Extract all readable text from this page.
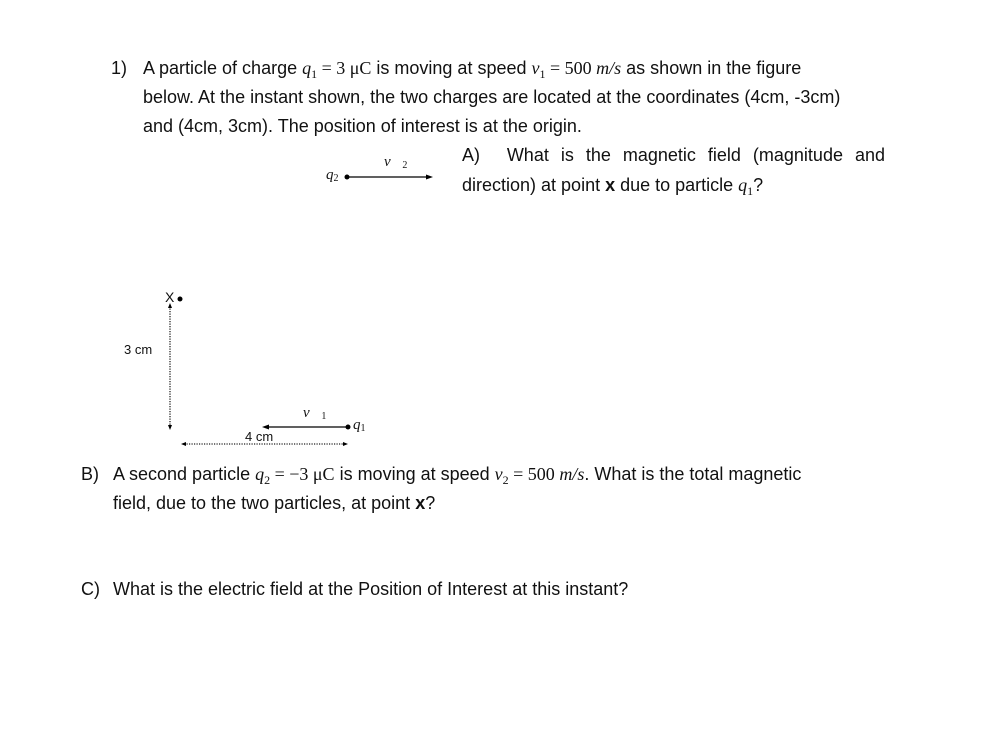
1) A particle of charge $q_1 = 3$ μC is moving at speed $v_1 = 500$ m/s as shown in the figure
below. At the instant shown, the two charges are located at the coordinates (4cm, -3cm)
and (4cm, 3cm). The position of interest is at the origin.
A) What  is  the  magnetic  field  (magnitude  and
direction) at point x due to particle $q_1$?
X
$q_2$
$v⃗_2$
$q_1$
$v⃗_1$
3 cm
4 cm
B) A second particle $q_2 = -3$ μC is moving at speed $v_2 = 500$ m/s. What is the total magnetic
field, due to the two particles, at point x?
C) What is the electric field at the Position of Interest at this instant?
